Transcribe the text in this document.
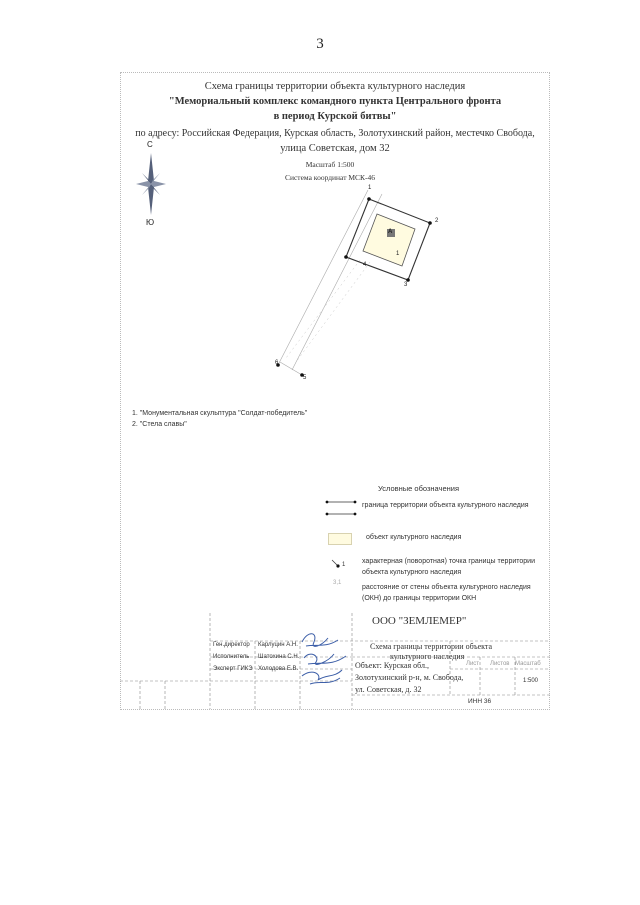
3
Схема границы территории объекта культурного наследия
"Мемориальный комплекс командного пункта Центрального фронта
в период Курской битвы"
по адресу: Российская Федерация, Курская область, Золотухинский район, местечко Свобода,
улица Советская, дом 32
Масштаб 1:500
Система координат МСК-46
С
Ю
1
2
3
4
5
6
А
1
1. "Монументальная скульптура "Солдат-победитель"
2. "Стела славы"
Условные обозначения
граница территории объекта культурного наследия
объект культурного наследия
1 характерная (поворотная) точка границы территории объекта культурного наследия
3,1
расстояние от стены объекта культурного наследия (ОКН) до границы территории ОКН
ООО "ЗЕМЛЕМЕР"
Схема границы территории объекта
культурного наследия
Ген.директор
Исполнитель
Эксперт ГИКЭ
Карлуцин А.Н.
Шатохина С.Н.
Холодова Е.В.	Объект: Курская обл.,
Золотухинский р-н, м. Свобода,
ул. Советская, д. 32
Лист Листов Масштаб
1:500
ИНН 36
